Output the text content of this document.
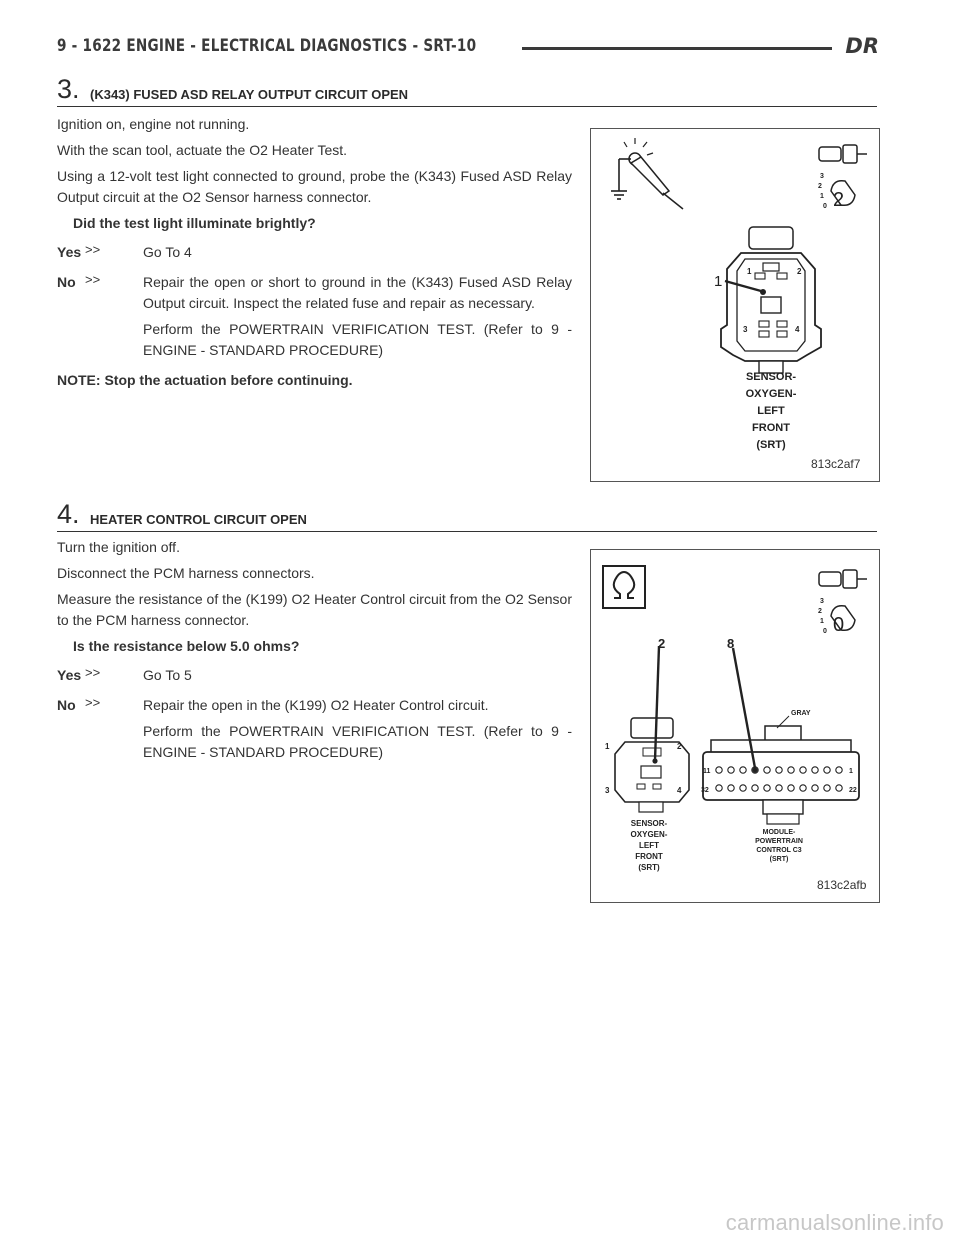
9 - 1622 ENGINE - ELECTRICAL DIAGNOSTICS - SRT-10	DR
3. (K343) FUSED ASD RELAY OUTPUT CIRCUIT OPEN

Ignition on, engine not running.

With the scan tool, actuate the O2 Heater Test.

Using a 12-volt test light connected to ground, probe the (K343) Fused ASD Relay Output circuit at the O2 Sensor harness connector.

Did the test light illuminate brightly?

Yes >>	Go To 4

No >>	Repair the open or short to ground in the (K343) Fused ASD Relay Output circuit. Inspect the related fuse and repair as necessary.

Perform the POWERTRAIN VERIFICATION TEST. (Refer to 9 - ENGINE - STANDARD PROCEDURE)

NOTE: Stop the actuation before continuing.

2
3
2
1
0
1
1	2
3	4
SENSOR-
OXYGEN-
LEFT
FRONT
(SRT)
813c2af7
4. HEATER CONTROL CIRCUIT OPEN

Turn the ignition off.

Disconnect the PCM harness connectors.

Measure the resistance of the (K199) O2 Heater Control circuit from the O2 Sensor to the PCM harness connector.

Is the resistance below 5.0 ohms?

Yes >>	Go To 5

No >>	Repair the open in the (K199) O2 Heater Control circuit.

Perform the POWERTRAIN VERIFICATION TEST. (Refer to 9 - ENGINE - STANDARD PROCEDURE)

0
3
2
1
0
2	8
GRAY
1	2
3	4
11
32
1
22
SENSOR-
OXYGEN-
LEFT
FRONT
(SRT)
MODULE-
POWERTRAIN
CONTROL C3
(SRT)
813c2afb
carmanualsonline.info
